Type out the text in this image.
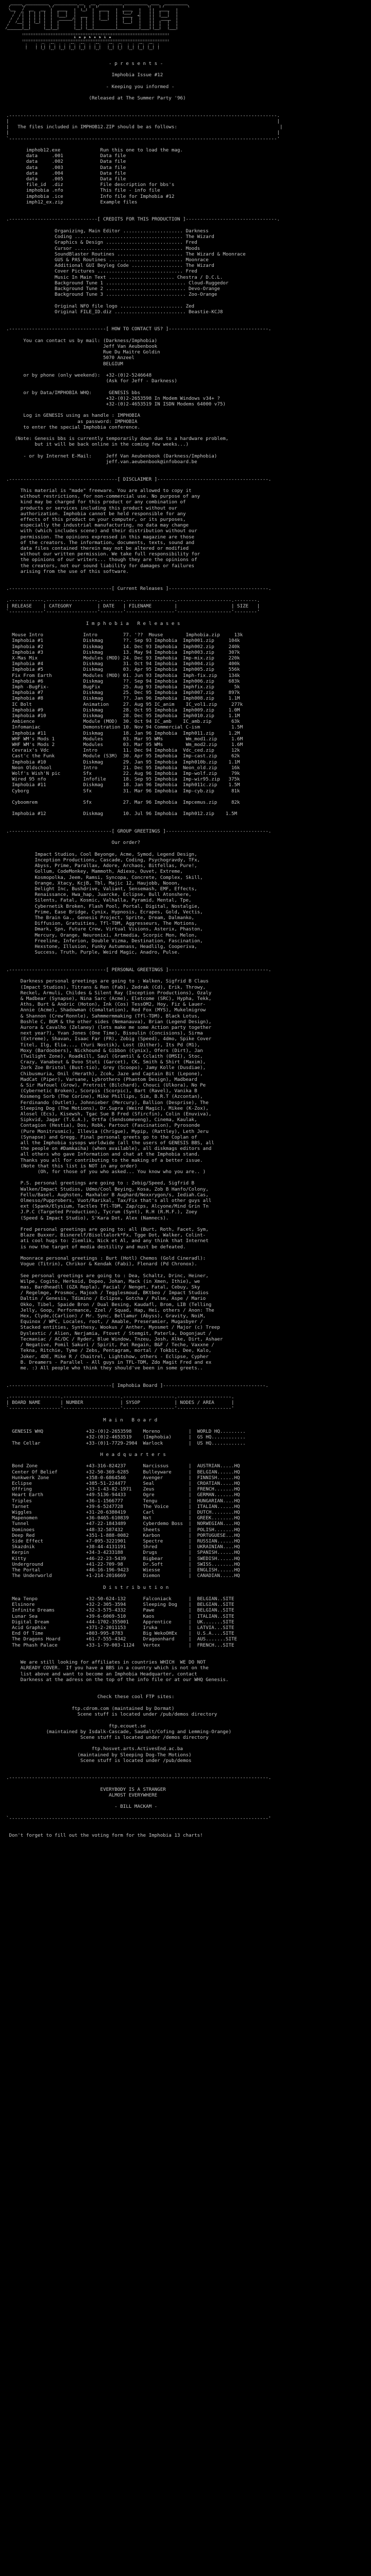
_______  ______________   ______________ ___    ___  ______________ ______________  _____   ______________
/       \/              \ /              |   |  |   |/              |              \|     | /              \
\___    /   ___    ___   |   ______    |   |__|   |   ______    |   ______    |     | |   ______    |
/   /|   |  |  |  |   |   |    |    |          |   |    |    |   |____/    |     | |   |    |    |
/   / |   |  |  |  |   |   |____|    |   ____   |   |    |    |   ______   <|     | |   |____|    |
/   /  |   |  |  |  |   |    ________/|   |  |   |   |____|    |   |    |    |     | |    ______   |
/   /___|   |  |__|  |   |   |         |   |  |   |             |   |____|    |     | |   |    |    |
/        |   |        |   |   |         |   |  |   |             |             |     | |   |    |    |
/_________|___|        |___|___|         |___|  |___|_____________|_____________|_____| |___|    |____|

::::::::::::::::::::::::::::::::::::::::::::::::::::::::::::::::::::::::::::::::::::::::
i  m  p  h  o  b  i  a
::::::::::::::::::::::::::::::::::::::::::::::::::::::::::::::::::::::::::::::::::::::::
.     .  .-.  .--.  .  .  .--.  .--.  .  .--.    .--.  .-.   .  .  .--.  .--.  .
|     |  | |  |  |  |  |  |  |  |  |  |  |  |    |  |  | |   |  |  |  |  |  |  |
'     '  '-'  '--'  '--'  '--'  '--'  '  '--'    '--'  '-'   '--'  '--'  '--'  '
- p r e s e n t s -

Imphobia Issue #12

- Keeping you informed -

(Released at The Summer Party '96)

.----------------------------------------------------------------------------------------------.
|                                                                                              |
|   The files included in IMPHOB12.ZIP should be as follows:                                    |
|                                                                                              |
`----------------------------------------------------------------------------------------------'

imphob12.exe              Run this one to load the mag.
data     .001             Data file
data     .002             Data file
data     .003             Data file
data     .004             Data file
data     .005             Data file
file_id  .diz             File description for bbs's
imphobia .nfo             This file - info file
imphobia .ice             Info file for Imphobia #12
imph12_ex.zip             Example files

.-------------------------------[ CREDITS FOR THIS PRODUCTION ]--------------------------------.

Organizing, Main Editor ..................... Darkness
Coding ...................................... The Wizard
Graphics & Design ........................... Fred
Cursor ...................................... Moods
SoundBlaster Routines ....................... The Wizard & Moonrace
GUS & PAS Routines .......................... Moonrace
Additional GUI Beyleg Code .................. The Wizard
Cover Pictures .............................. Fred
Music In Main Text ....................... Chestra / D.C.L.
Background Tune 1 ............................ Cloud-Ruggedor
Background Tune 2 ............................ Devo-Orange
Background Tune 3 ............................ Zoo-Orange

Original NFO file logo ...................... Zed
Original FILE_ID.diz ......................... Beastie-KCJ8

.----------------------------------[ HOW TO CONTACT US? ]-----------------------------------.

You can contact us by mail: (Darkness/Imphobia)
Jeff Van Aeubenbook
Rue Du Maitre Goldin
5070 Anzeel
BELGIUM

or by phone (only weekend):  +32-(0)2-5246648
(Ask for Jeff - Darkness)

or by Data/IMPHOBIA WHQ:      GENESIS bbs
+32-(0)2-2653598 In Modem Windows v34+ ?
+32-(0)2-4653519 IN ISDN Modems 64000 v75)

Log in GENESIS using as handle : IMPHOBIA
as password: IMPHOBIA
to enter the special Imphobia conference.

(Note: Genesis bbs is currently temporarily down due to a hardware problem,
but it will be back online in the coming few weeks...)

- or by Internet E-Mail:     Jeff Van Aeubenbook (Darkness/Imphobia)
jeff.van.aeubenbook@infoboard.be

.--------------------------------------[ DISCLAIMER ]---------------------------------------.

This material is "made" freeware. You are allowed to copy it
without restrictions, for non-commercial use. No purpose of any
kind may be charged for this product or any combination of
products or services including this product without our
authorization. Imphobia cannot be held responsible for any
effects of this product on your computer, or its purposes,
especially the industrial manufacturing, no data may change
with (which includes scene) and their distribution without our
permission. The opinions expressed in this magazine are those
of the creators. The information, documents, texts, sound and
data files contained therein may not be altered or modified
without our written permission. We take full responsibility for
the opinions of our writers... though they are the opinions of
the creators, not our sound liability for damages or failures
arising from the use of this software.

.------------------------------------[ Current Releases ]-----------------------------------.

.------------.------------------.--------.-----------------.-------------------.--------.
| RELEASE    | CATEGORY         | DATE   | FILENAME        |                   | SIZE   |
`------------'------------------'--------'-----------------'-------------------'--------'

I m p h o b i a   R e l e a s e s

Mouse Intro              Intro         77. '??  Mouse        Imphobia.zip     13k
Imphobia #1              Diskmag       ??. Sep 93 Imphobia  Imph001.zip     104k
Imphobia #2              Diskmag       14. Dec 93 Imphobia  Imph002.zip     240k
Imphobia #3              Diskmag       13. May 94 Imphobia  Imph003.zip     307k
X-Mas Mix                Modules (MOD) 24. Dec 93 Imphobia  Imp-mix.zip     220k
Imphobia #4              Diskmag       31. Oct 94 Imphobia  Imph004.zip     400k
Imphobia #5              Diskmag       03. Apr 95 Imphobia  Imph005.zip     556k
Fix From Earth           Modules (MOD) 01. Jun 93 Imphobia  Imph-fix.zip    134k
Imphobia #6              Diskmag       ??. Sep 94 Imphobia  Imph006.zip     683k
Imph -BugFix-            BugFix        25. Aug 93 Imphobia  Imphfix.zip       5k
Imphobia #7              Diskmag       25. Dec 95 Imphobia  Imph007.zip     897k
Imphobia #8              Diskmag       ??. Jan 96 Imphobia  Imph008.zip     1.1M
IC Bolt                  Animation     27. Aug 95 IC_anim    IC_vol1.zip     277k
Imphobia #9              Diskmag       28. Oct 95 Imphobia  Imph009.zip     1.0M
Imphobia #10             Diskmag       28. Dec 95 Imphobia  Imph010.zip     1.1M
Ambience                 Module (MOD)  30. Oct 94 IC_amb    IC_amb.zip       63k
Infomaniac               Demonstration 10. Nov 94 Commercial C-ism           1.5M
Imphobia #11             Diskmag       18. Jan 96 Imphobia  Imph011.zip     1.2M
WHF WM's Mods 1          Modules       03. Mar 95 WMs        Wm_mod1.zip     1.6M
WHF WM's Mods 2          Modules       03. Mar 95 WMs        Wm_mod2.zip     1.6M
Cevraix's Vdc            Intro         11. Dec 94 Imphobia  Vdc_ced.zip      12k
Cast'c the Funk          Module (S3M)  30. Apr 95 Imphobia  Imp-cast.zip     62k
Imphobia #10             Diskmag       29. Jan 95 Imphobia  Imph010b.zip    1.1M
Neon Oldschool           Intro         21. Dec 95 Imphobia  Neon_old.zip     16k
Wolf's Wish'N pic        Sfx           22. Aug 96 Imphobia  Imp-wolf.zip     79k
Wired 95 nfo             Infofile      18. Sep 95 Imphobia  Imp-wir95.zip   375k
Imphobia #11             Diskmag       18. Jan 96 Imphobia  Imph011c.zip    1.5M
Cyborg                   Sfx           31. Mar 96 Imphobia  Imp-cyb.zip      81k

Cyboomrem                Sfx           27. Mar 96 Imphobia  Impcemus.zip     82k

Imphobia #12             Diskmag       10. Jul 96 Imphobia  Imph012.zip    1.5M

.------------------------------------[ GROUP GREETINGS ]------------------------------------.

Our order?

Impact Studios, Cool Beyonge, Acme, Symod, Legend Design,
Inception Productions, Cascade, Coding, Psychogravdy, TFx,
Abyss, Prime, Parallax, Adore, Archaos, Bitfellas, Pure!,
Gollum, CodeMonkey, Mammoth, Adiexo, Ouvet, Extreme,
Kosmopolka, Jeem, Ramsi, Syncopa, Concrete, Complex, Skill,
Orange, Xtacy, KcjB, Tbl, Majic 12, Haujobb, Nooon,
Delight Inc, Bushdrive, Valiant, Sensemash, EMF, Effects,
Renaissance, Hwa_hap, Juarcke, Eclipse, Bull Atonshere,
Silents, Fatal, Kosmic, Valhalla, Pyramid, Mental, Tpe,
Cybernetik Broken, Flash Pool, Portal, Digital, Nostalgie,
Prime, Ease Bridge, Cynix, Hypnosis, Ecrapes, Gold, Vectis,
The Brain Ga., Genesis Project, Sprite, Dream, Dalmanko,
Diffusion, Gratuities, Tfl-TDM, Aggresseurs, The Motions,
Dmark, Spn, Future Crew, Virtual Visions, Asterix, Phaston,
Mercury, Orange, Neuronixi, Artmedia, Scorpic Mon, Melon,
Freeline, Inferion, Double Vizma, Destination, Fascination,
Hexstone, Illusion, Funky Autumnass, Headlilg, Cooperiva,
Success, Truth, Purple, Weird Magic, Anadro, Pulse.

.----------------------------------[ PERSONAL GREETINGS ]-----------------------------------.

Darkness personal greetings are going to : Walken, Sigfrid B Claus
(Impact Studios), Titrans & Ren (Fab), Zedrak (Cd), Erik, Throwy,
Reckel, Armuli, Childes & Silent Ray (Inception Productions), Ozaly
& Madbear (Synapse), Nina Sarc (Acme), Eletcome (SRC), Hypha, Tekk,
Aths, Burt & Andric (Hoton), Ink (Cos) TessOM2, Hoy, Fiz & Lauer-
Annie (Acme), Shadowman (Comaltation), Red Fox (MYS), Mukelmigrow
& Shannon (Crew'Ronnle), Sahmmermmaking (Tfl-TDM), Black Lotus,
Boshle C, BGM & the other sides (Nemanauva), Brian (Legend Design),
Aurora & Cavalho (Zelaney) (lets make me some Action party together
next year?), Yvan Jones (One Time), Bisoulin (Concisions), Sirma
(Extreme), Shavan, Isaac Far (FR), Zobig (Speed), 4dmo, Spike Cover
Titel, Ilg, Elia..., (Yuri Nostik), Lost (Dither), Its Pd (M1),
Moxy (Bardoobers), Nickhound & Gibbon (Cynix), Ofers (Dirt), Jan
(Twilight Zone), Roadkill, Saul (Gramtil & Cclaith (OMSI), Stoc,
Crazy, Vanabeut & Dvoo Stuti (Garcet), CK, Smith & Shirt (Maxim),
Zork Zoe Bristol (Bust-tio), Grey (Scoopo), Jamy Kolle (Dusdiae),
Chibusmuria, Onil (Herath), Zcok, Jaze and Captain Bit (Lepone),
MadCat (Piper), Varsane, Lybrothero (Phantom Design), Madbeard
& Sir Mafouel (Grow), Pretroit (Bilchard), Chouci (Ulkora), No Pe
(Cybernetic Broken), Scorpis (Scorpic), Bart (Ravel), Vanika B
Kosmeng Sorb (The Corine), Mike Phillips, Sim, B.R.T (Azcontan),
Ferdinando (Outlet), Johnnieber (Mercury), Ballion (Desprise), The
Sleeping Dog (The Motions), Dr.Supra (Weird Magic), Mikee (K-Zox),
Alosel (Ecs), Kisewsh, Tgac Sue B Fred (Sfircfin), Colin (Enuviva),
Sipkvid, Jagar (T.G.A.), Ortfa (Sendsomeveng), Cinema, Kaulak,
Contagion (Hestia), Dos, Robk, Partout (Fascination), Pyrosonde
(Pure Monitrusmic), Illevia (Chrigue), Mypip, (Rattley), Leth Jeru
(Synapse) and Gregg. Final personal greets go to the Coplan of
all the Imphobia sysops worldwide (all the users of GENESIS BBS, all
the people on #Damkaiha) (when available), all diskmags editors and
all others who gave Information and chat at the Imphobia stand.
Thanks you all for contributing to the making of a better issue.
(Note that this list is NOT in any order)
(Oh, for those of you who asked... You know who you are.. )

P.S. personal greetings are going to : Zebig/Speed, Sigfrid B
Walken/Impact Studios, Udmo/Cool Beying, Kosa, Zob B Hanfo/Colony,
Fellu/Basel, Aughsten, Maxhaler B Aughard/Nexxrygon/s, Iediah.Cas,
Olmesso/Pupprobers, Vuot/Rarikal, Tax/Fix that's all other guys all
ext (Spank/Elysium, Tactles Tfl-TDM, Zap/cps, Alcyone/Mind Grin Tn
J.P.C (Targeted Production), Tycrum (Synt), R.H (R.M.F.), Zoey
(Speed & Impact Studio), S'Kara Dot, Alex (Namnecs).

Fred personal greetings are going to: all (Burt, Roth, Facet, Sym,
Blaze Buxxer, Bisnerelf/Bisoltalork*Fx, Tgge Dot, Walker, Colint-
ati cool hugs to: Ziemlik, Nick et Al, and any think that Internet
is now the target of media destility and must be defeated.

Moonrace personal greetings : Burt (Hotl) Chemos (Gold Cineradl):
Vogue (Titrin), Chrikor & Kendak (Fabi), Flenard (Pd Chronox).

See personal greetings are going to : Dea, Schaltz, Drinc, Heiner,
Wilpe, Cogito, Herkoid, Dopeo, Johan, Mack (in Xmen, Ithie), we
mas, Bardheadll (GZA Repla), Facial / Nenget, Fatal, Cebuy, Sky
/ Regelmge, Prosmoc, Majoxh / Tegglesmoud, BKtbeo / Impact Studios
Daltin / Genesis, Tdimino / Eclipse, Gotcha / Pulse, Aspe / Mario
Okko, Tibel, Spaide Bron / Dual Besing, Kaudafl, Brom, LIB (Telling
Jelly, Goop, Performance, Zzel / Squad, Hap, Hei, others / Anon: The
Hex, Clyde,(Carlion) / Mr. Sync, Bellamur (Abyss), Gravity, NoiM,
Equinox / WPC, Locales, root, / Amable, Preseramier, Mugasbyer /
Stacked entities, Synthesy, Wookus / Anther, Myosmet / Major (c) Treep
Dyslextic / Alien, Nerjamia, Ftovet / Stemgit, Paterla, Dogonjaut /
Tecmaniac / AC/DC / Ryder, Blue Window, Tnzeu, Josh, Alke, Dirt, Ashaer
/ Negative, Pomil Sakuri / Spirit, Pat Regain, B&F / Teche, Vaxxne /
Tekna, Ritchie, Tyme / Zebs, Pentagram, mortal / Tokbit, Dee, Kalo,
Joker, 4DE, Mike R / Chaitrel, Lightshow, others - Eclipse, Cypher
B. Dreamers - Parallel - All guys in TFL-TDM, Zdo Magit Fred and ex
me. :) All people who think they should've been in some greets..

.------------------------------------[ Imphobia Board ]------------------------------------.

.------------------.--------------------.------------------.-------------------.
| BOARD NAME       | NUMBER             | SYSOP            | NODES / AREA      |
`------------------'--------------------'------------------'-------------------'

M a i n   B o a r d

GENESIS WHQ               +32-(0)2-2653598    Moreno          |  WORLD HQ.........
+32-(0)2-4653519    (Imphobia)      |  GS HQ............
The Cellar                +33-(0)1-7729-2904  Warlock         |  US HQ............

H e a d q u a r t e r s

Bond Zone                 +43-316-824237      Narcissus       |  AUSTRIAN.....HQ
Center Of Belief          +32-50-369-6285     Bulleyware      |  BELGIAN......HQ
Hunkwerk Zone             +358-0-6864546      Avenger         |  FINNISH......HQ
Eclipse                   +385-51-224477      Seal            |  CROATIAN.....HQ
Offring                   +33-1-43-82-1971    Zeus            |  FRENCH.......HQ
Heart Earth               +49-5136-94433      Ogre            |  GERMAN.......HQ
Triples                   +36-1-1566777       Tengu           |  HUNGARIAN....HQ
Tarnet                    +39-6-5247728       The Voice       |  ITALIAN......HQ
Wiggles                   +31-20-6380419      Carl            |  DUTCH........HQ
Mapenomen                 +36-0465-610839     Nxt             |  GREEK........HQ
Tunnel                    +47-22-1843489      Cyberdemo Boss  |  NORWEGIAN....HQ
Dominoes                  +48-32-587432       Sheets          |  POLISH.......HQ
Deep Red                  +351-1-888-0082     Karbon          |  PORTUGUESE...HQ
Side Effect               +7-095-3221901      Spectre         |  RUSSIAN......HQ
Skazdnik                  +38-44-4131191      Shred           |  UKRAINIAN....HQ
Kerpin                    +34-3-4233188       Drugs           |  SPANISH......HQ
Kitty                     +46-22-23-5439      Bigbear         |  SWEDISH......HQ
Underground               +41-22-709-98       Dr.Soft         |  SWISS........HQ
The Portal                +46-16-196-9423     Wiesse          |  ENGLISH......HQ
The Underworld            +1-214-2016669      Diemon          |  CANADIAN.....HQ

D i s t r i b u t i o n

Mea Tenpo                 +32-50-624-132      Falconiack      |  BELGIAN..SITE
Elsinore                  +32-2-305-3594      Sleeping Dog    |  BELGIAN..SITE
Infinite Dreams           +32-3-575-4332      Pawe            |  BELGIAN..SITE
Lunar Sea                 +39-6-6069-510      Kaos            |  ITALIAN..SITE
Digital Dream             +44-1702-355001     Apprentice      |  UK.......SITE
Acid Graphix              +371-2-2011153      Iruka           |  LATVIA...SITE
End Of Time               +803-995-8783       Big WekoOHEx    |  U.S.A....SITE
The Dragons Hoard         +61-7-555-4342      Dragoonhard     |  AUS.......SITE
The Phash Palace          +33-1-79-003-1124   Vertex          |  FRENCH...SITE

We are still looking for affiliates in countries WHICH  WE DO NOT
ALREADY COVER.  If you have a BBS in a country which is not on the
list above and want to become an Imphobia Headquarter, contact
Darkness at the adress on the top of the info file or at our WHQ Genesis.

Check these cool FTP sites:

ftp.cdrom.com (maintained by Dormat)
Scene stuff is located under /pub/demos directory

ftp.ecouet.se
(maintained by Isdalk-Cascade, Saudalt/Cofing and Lemming-Orange)
Scene stuff is located under /demos directory

ftp.hosvet.arts.ActivesEnd.ac.ba
(maintained by Sleeping Dog-The Motions)
Scene stuff is located under /pub/demos

.-------------------------------------------------------------------------------------------.

EVERYBODY IS A STRANGER
ALMOST EVERYWHERE

- BILL MACKAM -

`-------------------------------------------------------------------------------------------'

Don't forget to fill out the voting form for the Imphobia 13 charts!
